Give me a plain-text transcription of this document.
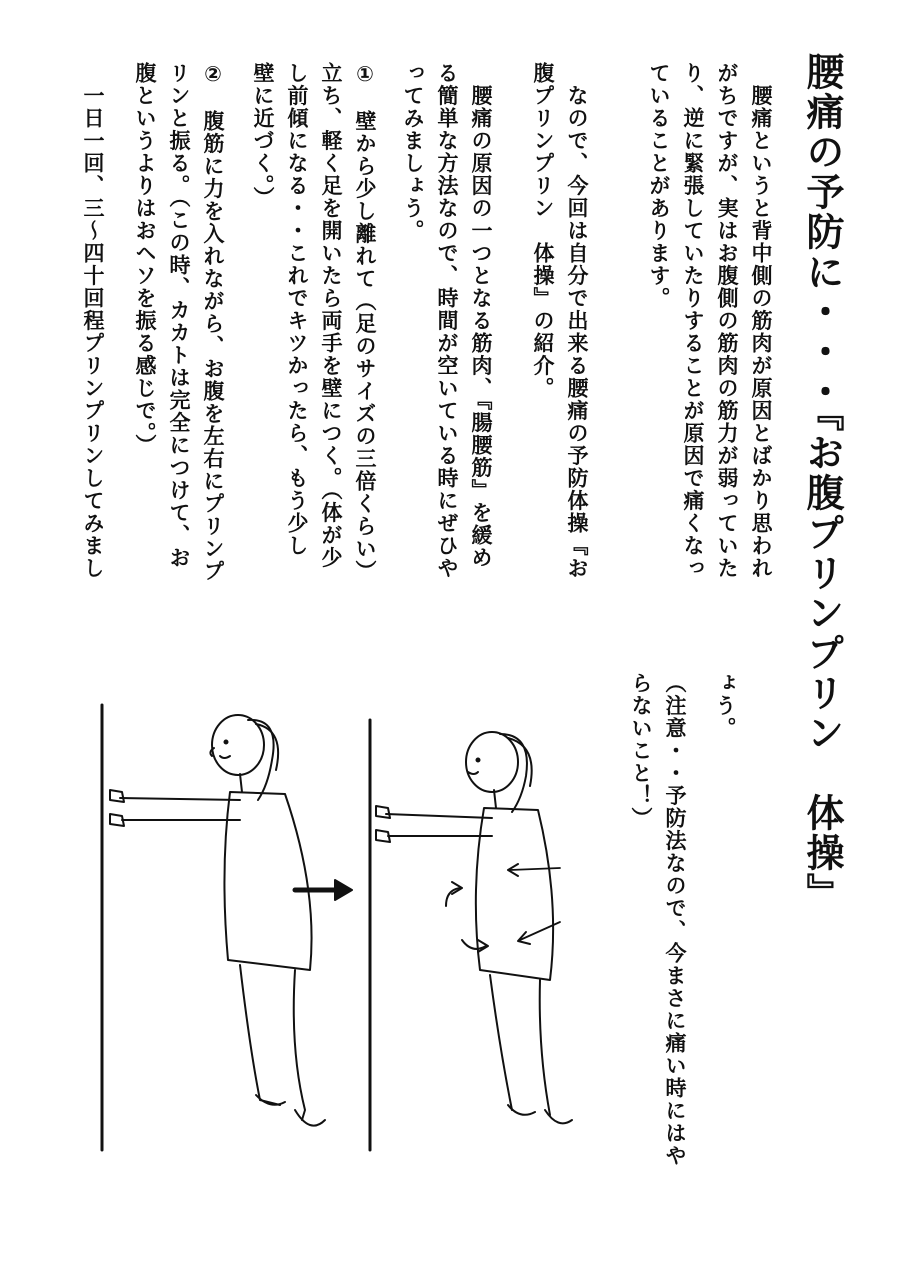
腰痛の予防に・・・『お腹プリンプリン　体操』
　腰痛というと背中側の筋肉が原因とばかり思われ
がちですが、実はお腹側の筋肉の筋力が弱っていた
り、逆に緊張していたりすることが原因で痛くなっ
ていることがあります。
　なので、今回は自分で出来る腰痛の予防体操『お
腹プリンプリン　体操』の紹介。
　腰痛の原因の一つとなる筋肉、『腸腰筋』を緩め
る簡単な方法なので、時間が空いている時にぜひや
ってみましょう。
①　壁から少し離れて（足のサイズの三倍くらい）
立ち、軽く足を開いたら両手を壁につく。（体が少
し前傾になる・・これでキツかったら、もう少し
壁に近づく。）
②　腹筋に力を入れながら、お腹を左右にプリンプ
リンと振る。（この時、カカトは完全につけて、お
腹というよりはおヘソを振る感じで。）
　一日一回、三〜四十回程プリンプリンしてみまし
ょう。
（注意・・予防法なので、今まさに痛い時にはや
らないこと！）
